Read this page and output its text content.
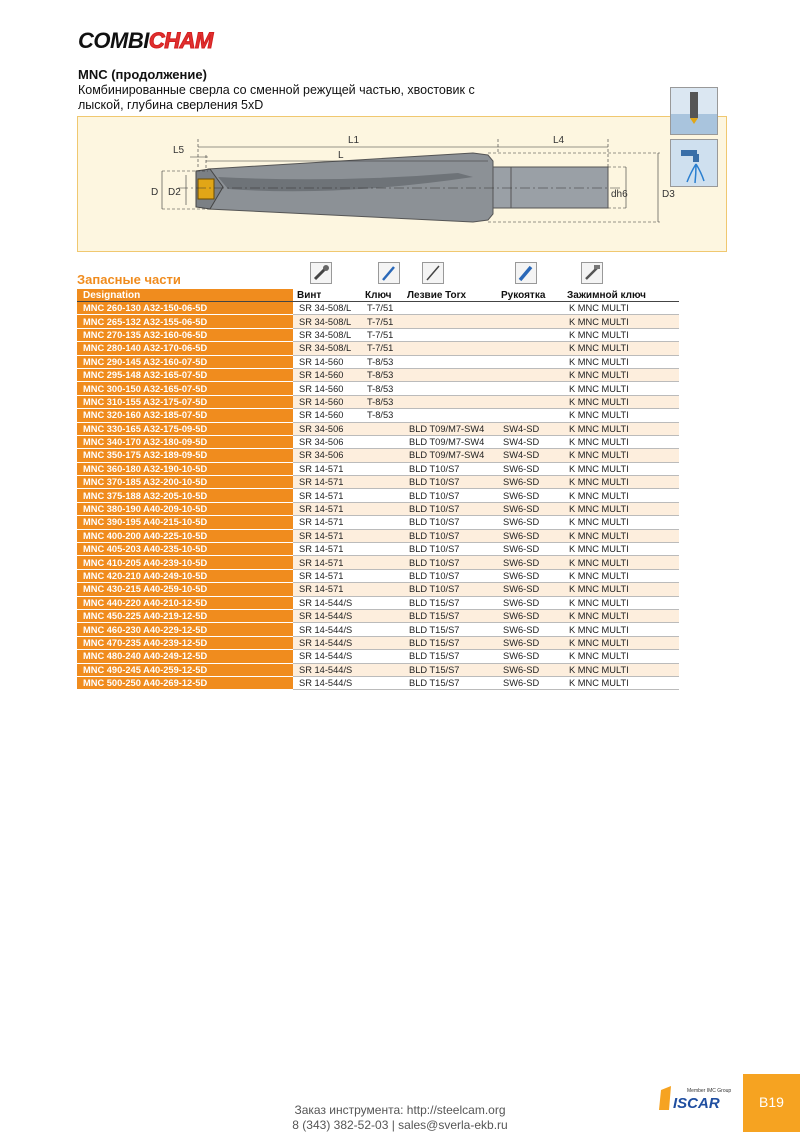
COMBICHAM
MNC (продолжение)
Комбинированные сверла со сменной режущей частью, хвостовик с лыской, глубина сверления 5xD
L1
L
L4
L5
D D2	dh6	D3
Запасные части
Designation	Винт	Ключ	Лезвие Torx	Рукоятка	Зажимной ключ
MNC 260-130 A32-150-06-5D	SR 34-508/L	T-7/51			K MNC MULTI
MNC 265-132 A32-155-06-5D	SR 34-508/L	T-7/51			K MNC MULTI
MNC 270-135 A32-160-06-5D	SR 34-508/L	T-7/51			K MNC MULTI
MNC 280-140 A32-170-06-5D	SR 34-508/L	T-7/51			K MNC MULTI
MNC 290-145 A32-160-07-5D	SR 14-560	T-8/53			K MNC MULTI
MNC 295-148 A32-165-07-5D	SR 14-560	T-8/53			K MNC MULTI
MNC 300-150 A32-165-07-5D	SR 14-560	T-8/53			K MNC MULTI
MNC 310-155 A32-175-07-5D	SR 14-560	T-8/53			K MNC MULTI
MNC 320-160 A32-185-07-5D	SR 14-560	T-8/53			K MNC MULTI
MNC 330-165 A32-175-09-5D	SR 34-506		BLD T09/M7-SW4	SW4-SD	K MNC MULTI
MNC 340-170 A32-180-09-5D	SR 34-506		BLD T09/M7-SW4	SW4-SD	K MNC MULTI
MNC 350-175 A32-189-09-5D	SR 34-506		BLD T09/M7-SW4	SW4-SD	K MNC MULTI
MNC 360-180 A32-190-10-5D	SR 14-571		BLD T10/S7	SW6-SD	K MNC MULTI
MNC 370-185 A32-200-10-5D	SR 14-571		BLD T10/S7	SW6-SD	K MNC MULTI
MNC 375-188 A32-205-10-5D	SR 14-571		BLD T10/S7	SW6-SD	K MNC MULTI
MNC 380-190 A40-209-10-5D	SR 14-571		BLD T10/S7	SW6-SD	K MNC MULTI
MNC 390-195 A40-215-10-5D	SR 14-571		BLD T10/S7	SW6-SD	K MNC MULTI
MNC 400-200 A40-225-10-5D	SR 14-571		BLD T10/S7	SW6-SD	K MNC MULTI
MNC 405-203 A40-235-10-5D	SR 14-571		BLD T10/S7	SW6-SD	K MNC MULTI
MNC 410-205 A40-239-10-5D	SR 14-571		BLD T10/S7	SW6-SD	K MNC MULTI
MNC 420-210 A40-249-10-5D	SR 14-571		BLD T10/S7	SW6-SD	K MNC MULTI
MNC 430-215 A40-259-10-5D	SR 14-571		BLD T10/S7	SW6-SD	K MNC MULTI
MNC 440-220 A40-210-12-5D	SR 14-544/S		BLD T15/S7	SW6-SD	K MNC MULTI
MNC 450-225 A40-219-12-5D	SR 14-544/S		BLD T15/S7	SW6-SD	K MNC MULTI
MNC 460-230 A40-229-12-5D	SR 14-544/S		BLD T15/S7	SW6-SD	K MNC MULTI
MNC 470-235 A40-239-12-5D	SR 14-544/S		BLD T15/S7	SW6-SD	K MNC MULTI
MNC 480-240 A40-249-12-5D	SR 14-544/S		BLD T15/S7	SW6-SD	K MNC MULTI
MNC 490-245 A40-259-12-5D	SR 14-544/S		BLD T15/S7	SW6-SD	K MNC MULTI
MNC 500-250 A40-269-12-5D	SR 14-544/S		BLD T15/S7	SW6-SD	K MNC MULTI
Заказ инструмента: http://steelcam.org
8 (343) 382-52-03 | sales@sverla-ekb.ru
ISCAR
Member IMC Group
B19
